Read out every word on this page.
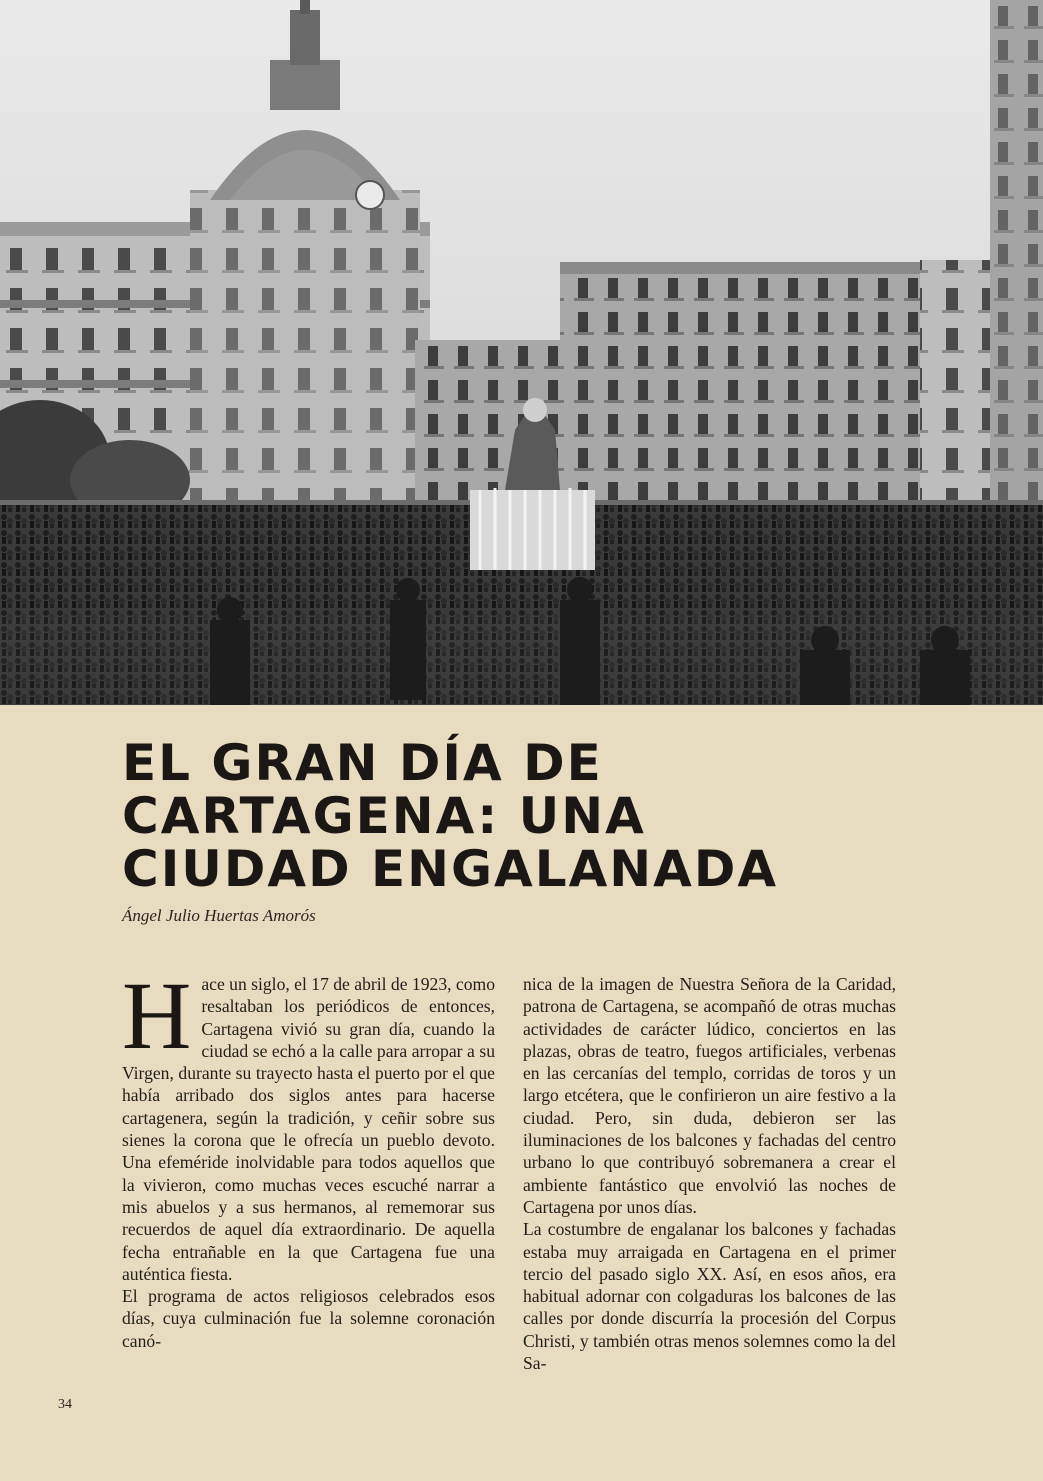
EL GRAN DÍA DE
CARTAGENA: UNA
CIUDAD ENGALANADA
Ángel Julio Huertas Amorós

Hace un siglo, el 17 de abril de 1923, como resaltaban los periódicos de entonces, Cartagena vivió su gran día, cuando la ciudad se echó a la calle para arropar a su Virgen, durante su trayecto hasta el puerto por el que había arribado dos siglos antes para hacerse cartagenera, según la tradición, y ceñir sobre sus sienes la corona que le ofrecía un pueblo devoto. Una efeméride inolvidable para todos aquellos que la vivieron, como muchas veces escuché narrar a mis abuelos y a sus hermanos, al rememorar sus recuerdos de aquel día extraordinario. De aquella fecha entrañable en la que Cartagena fue una auténtica fiesta.

El programa de actos religiosos celebrados esos días, cuya culminación fue la solemne coronación canó-

nica de la imagen de Nuestra Señora de la Caridad, patrona de Cartagena, se acompañó de otras muchas actividades de carácter lúdico, conciertos en las plazas, obras de teatro, fuegos artificiales, verbenas en las cercanías del templo, corridas de toros y un largo etcétera, que le confirieron un aire festivo a la ciudad. Pero, sin duda, debieron ser las iluminaciones de los balcones y fachadas del centro urbano lo que contribuyó sobremanera a crear el ambiente fantástico que envolvió las noches de Cartagena por unos días.

La costumbre de engalanar los balcones y fachadas estaba muy arraigada en Cartagena en el primer tercio del pasado siglo XX. Así, en esos años, era habitual adornar con colgaduras los balcones de las calles por donde discurría la procesión del Corpus Christi, y también otras menos solemnes como la del Sa-

34
